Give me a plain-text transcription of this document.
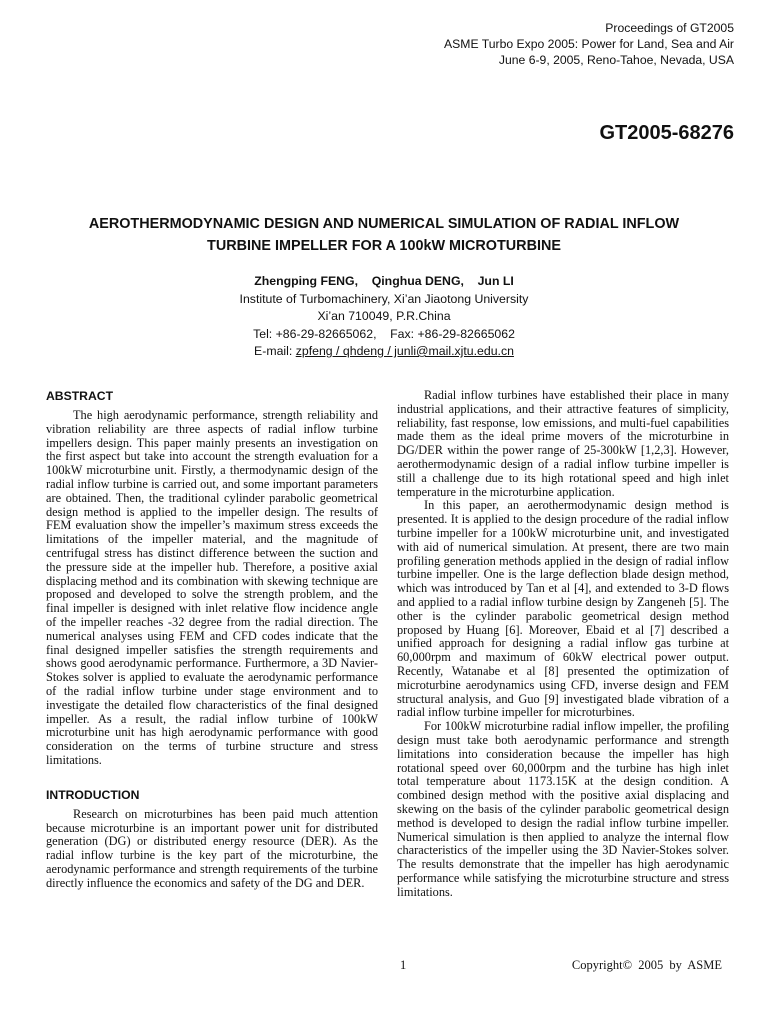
Proceedings of GT2005
ASME Turbo Expo 2005: Power for Land, Sea and Air
June 6-9, 2005, Reno-Tahoe, Nevada, USA
GT2005-68276
AEROTHERMODYNAMIC DESIGN AND NUMERICAL SIMULATION OF RADIAL INFLOW
TURBINE IMPELLER FOR A 100kW MICROTURBINE
Zhengping FENG,    Qinghua DENG,    Jun LI
Institute of Turbomachinery, Xi’an Jiaotong University
Xi’an 710049, P.R.China
Tel: +86-29-82665062,    Fax: +86-29-82665062
E-mail: zpfeng / qhdeng / junli@mail.xjtu.edu.cn
ABSTRACT

The high aerodynamic performance, strength reliability and vibration reliability are three aspects of radial inflow turbine impellers design. This paper mainly presents an investigation on the first aspect but take into account the strength evaluation for a 100kW microturbine unit. Firstly, a thermodynamic design of the radial inflow turbine is carried out, and some important parameters are obtained. Then, the traditional cylinder parabolic geometrical design method is applied to the impeller design. The results of FEM evaluation show the impeller’s maximum stress exceeds the limitations of the impeller material, and the magnitude of centrifugal stress has distinct difference between the suction and the pressure side at the impeller hub. Therefore, a positive axial displacing method and its combination with skewing technique are proposed and developed to solve the strength problem, and the final impeller is designed with inlet relative flow incidence angle of the impeller reaches -32 degree from the radial direction. The numerical analyses using FEM and CFD codes indicate that the final designed impeller satisfies the strength requirements and shows good aerodynamic performance. Furthermore, a 3D Navier-Stokes solver is applied to evaluate the aerodynamic performance of the radial inflow turbine under stage environment and to investigate the detailed flow characteristics of the final designed impeller. As a result, the radial inflow turbine of 100kW microturbine unit has high aerodynamic performance with good consideration on the terms of turbine structure and stress limitations.

INTRODUCTION

Research on microturbines has been paid much attention because microturbine is an important power unit for distributed generation (DG) or distributed energy resource (DER). As the radial inflow turbine is the key part of the microturbine, the aerodynamic performance and strength requirements of the turbine directly influence the economics and safety of the DG and DER.

Radial inflow turbines have established their place in many industrial applications, and their attractive features of simplicity, reliability, fast response, low emissions, and multi-fuel capabilities made them as the ideal prime movers of the microturbine in DG/DER within the power range of 25-300kW [1,2,3]. However, aerothermodynamic design of a radial inflow turbine impeller is still a challenge due to its high rotational speed and high inlet temperature in the microturbine application.

In this paper, an aerothermodynamic design method is presented. It is applied to the design procedure of the radial inflow turbine impeller for a 100kW microturbine unit, and investigated with aid of numerical simulation. At present, there are two main profiling generation methods applied in the design of radial inflow turbine impeller. One is the large deflection blade design method, which was introduced by Tan et al [4], and extended to 3-D flows and applied to a radial inflow turbine design by Zangeneh [5]. The other is the cylinder parabolic geometrical design method proposed by Huang [6]. Moreover, Ebaid et al [7] described a unified approach for designing a radial inflow gas turbine at 60,000rpm and maximum of 60kW electrical power output. Recently, Watanabe et al [8] presented the optimization of microturbine aerodynamics using CFD, inverse design and FEM structural analysis, and Guo [9] investigated blade vibration of a radial inflow turbine impeller for microturbines.

For 100kW microturbine radial inflow impeller, the profiling design must take both aerodynamic performance and strength limitations into consideration because the impeller has high rotational speed over 60,000rpm and the turbine has high inlet total temperature about 1173.15K at the design condition. A combined design method with the positive axial displacing and skewing on the basis of the cylinder parabolic geometrical design method is developed to design the radial inflow turbine impeller. Numerical simulation is then applied to analyze the internal flow characteristics of the impeller using the 3D Navier-Stokes solver. The results demonstrate that the impeller has high aerodynamic performance while satisfying the microturbine structure and stress limitations.

1	Copyright© 2005 by ASME
